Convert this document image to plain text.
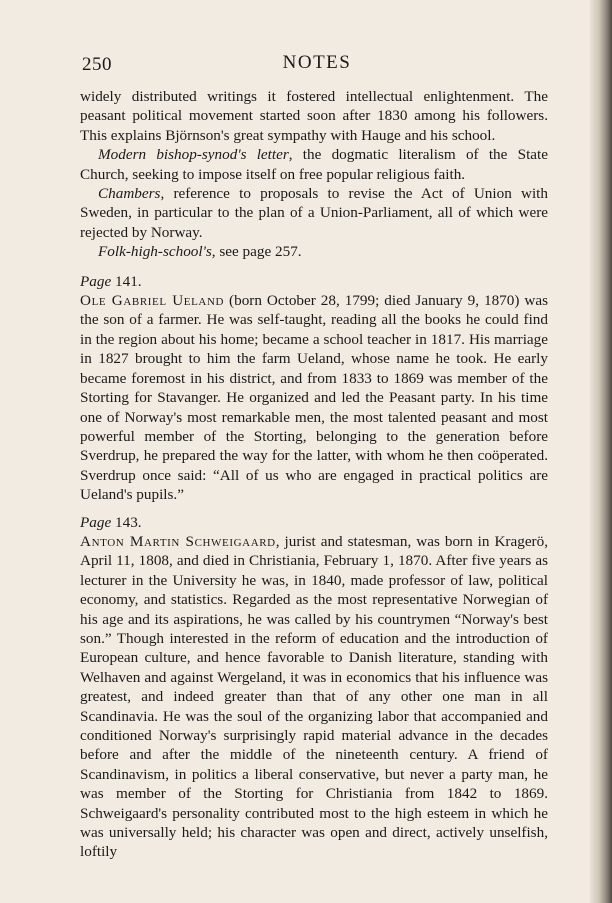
250	NOTES

widely distributed writings it fostered intellectual enlightenment. The peasant political movement started soon after 1830 among his followers. This explains Björnson's great sympathy with Hauge and his school.

Modern bishop-synod's letter, the dogmatic literalism of the State Church, seeking to impose itself on free popular religious faith.

Chambers, reference to proposals to revise the Act of Union with Sweden, in particular to the plan of a Union-Parliament, all of which were rejected by Norway.

Folk-high-school's, see page 257.

Page 141.

Ole Gabriel Ueland (born October 28, 1799; died January 9, 1870) was the son of a farmer. He was self-taught, reading all the books he could find in the region about his home; became a school teacher in 1817. His marriage in 1827 brought to him the farm Ueland, whose name he took. He early became foremost in his district, and from 1833 to 1869 was member of the Storting for Stavanger. He organized and led the Peasant party. In his time one of Norway's most remarkable men, the most talented peasant and most powerful member of the Storting, belonging to the generation before Sverdrup, he prepared the way for the latter, with whom he then coöperated. Sverdrup once said: “All of us who are engaged in practical politics are Ueland's pupils.”

Page 143.

Anton Martin Schweigaard, jurist and statesman, was born in Kragerö, April 11, 1808, and died in Christiania, February 1, 1870. After five years as lecturer in the University he was, in 1840, made professor of law, political economy, and statistics. Regarded as the most representative Norwegian of his age and its aspirations, he was called by his countrymen “Norway's best son.” Though interested in the reform of education and the introduction of European culture, and hence favorable to Danish literature, standing with Welhaven and against Wergeland, it was in economics that his influence was greatest, and indeed greater than that of any other one man in all Scandinavia. He was the soul of the organizing labor that accompanied and conditioned Norway's surprisingly rapid material advance in the decades before and after the middle of the nineteenth century. A friend of Scandinavism, in politics a liberal conservative, but never a party man, he was member of the Storting for Christiania from 1842 to 1869. Schweigaard's personality contributed most to the high esteem in which he was universally held; his character was open and direct, actively unselfish, loftily
